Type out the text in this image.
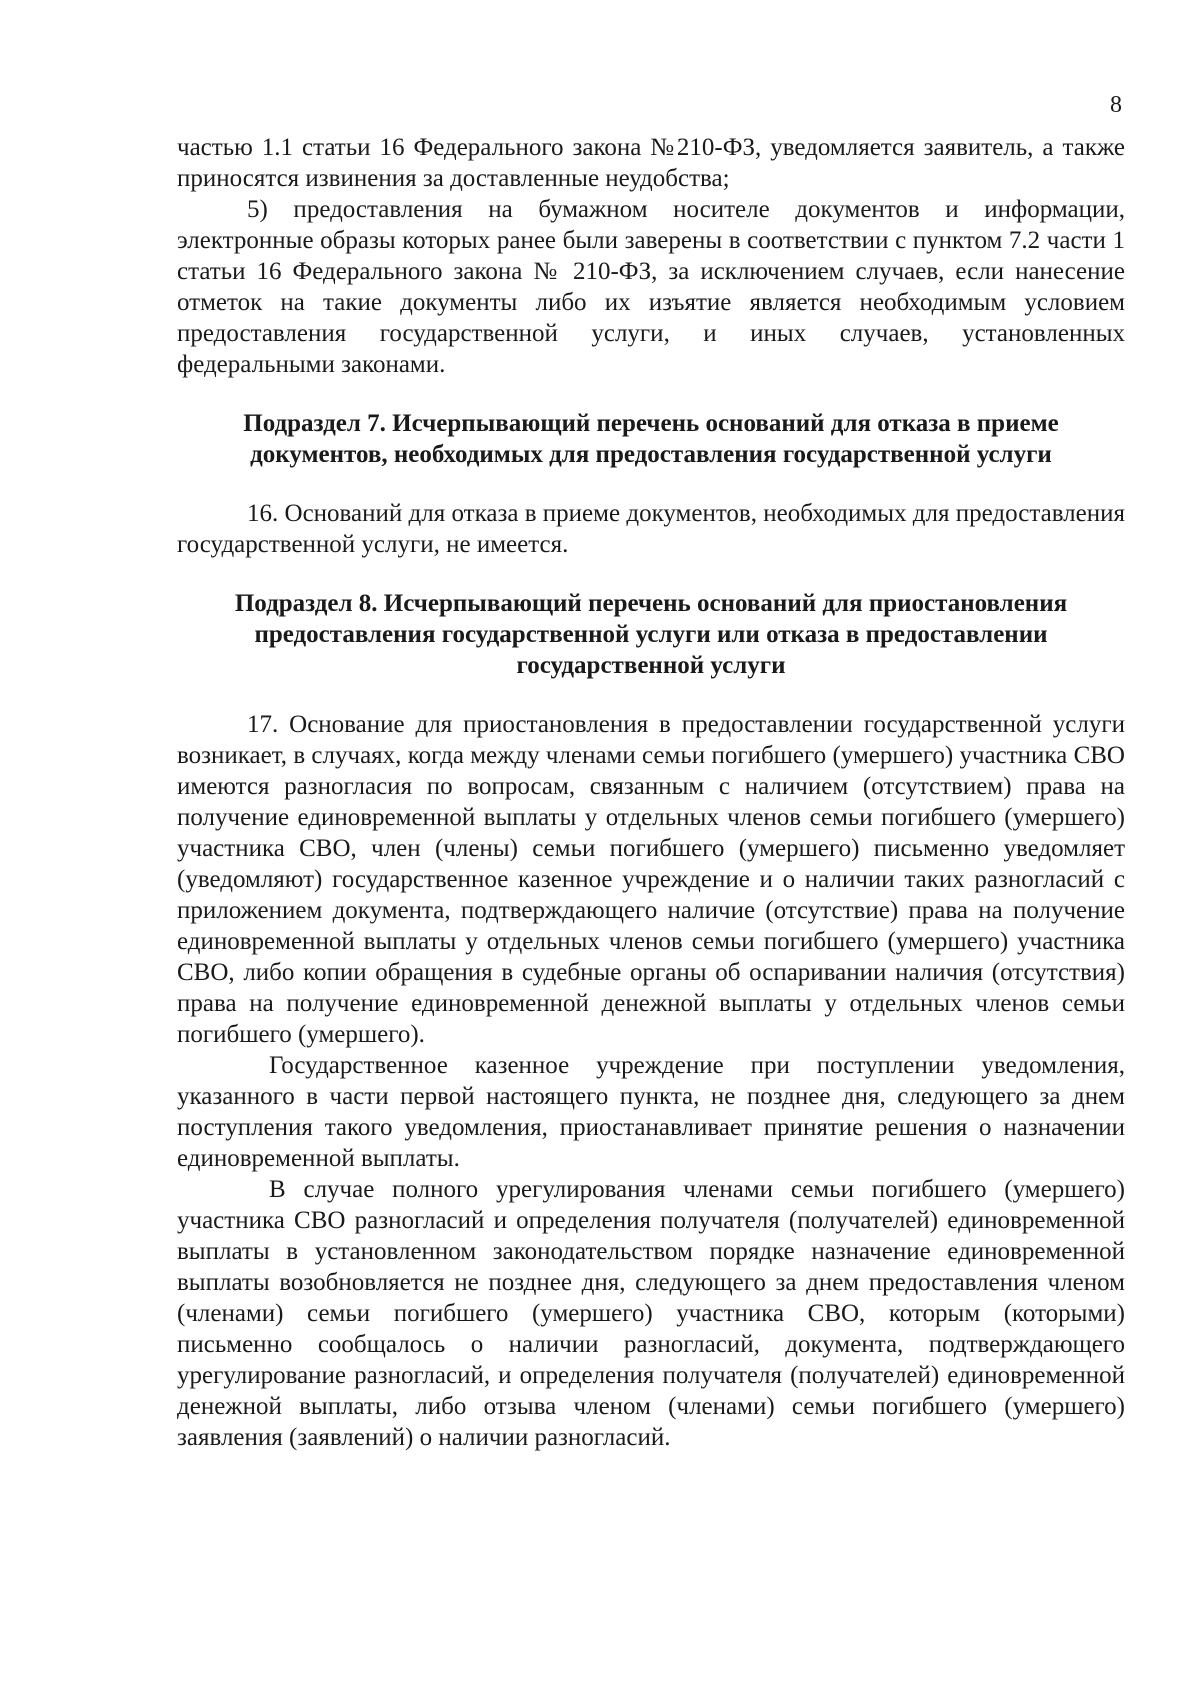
8

частью 1.1 статьи 16 Федерального закона №210-ФЗ, уведомляется заявитель, а также приносятся извинения за доставленные неудобства;

5) предоставления на бумажном носителе документов и информации, электронные образы которых ранее были заверены в соответствии с пунктом 7.2 части 1 статьи 16 Федерального закона № 210-ФЗ, за исключением случаев, если нанесение отметок на такие документы либо их изъятие является необходимым условием предоставления государственной услуги, и иных случаев, установленных федеральными законами.

Подраздел 7. Исчерпывающий перечень оснований для отказа в приеме документов, необходимых для предоставления государственной услуги

16. Оснований для отказа в приеме документов, необходимых для предоставления государственной услуги, не имеется.

Подраздел 8. Исчерпывающий перечень оснований для приостановления предоставления государственной услуги или отказа в предоставлении государственной услуги

17. Основание для приостановления в предоставлении государственной услуги возникает, в случаях, когда между членами семьи погибшего (умершего) участника СВО имеются разногласия по вопросам, связанным с наличием (отсутствием) права на получение единовременной выплаты у отдельных членов семьи погибшего (умершего) участника СВО, член (члены) семьи погибшего (умершего) письменно уведомляет (уведомляют) государственное казенное учреждение и о наличии таких разногласий с приложением документа, подтверждающего наличие (отсутствие) права на получение единовременной выплаты у отдельных членов семьи погибшего (умершего) участника СВО, либо копии обращения в судебные органы об оспаривании наличия (отсутствия) права на получение единовременной денежной выплаты у отдельных членов семьи погибшего (умершего).

Государственное казенное учреждение при поступлении уведомления, указанного в части первой настоящего пункта, не позднее дня, следующего за днем поступления такого уведомления, приостанавливает принятие решения о назначении единовременной выплаты.

В случае полного урегулирования членами семьи погибшего (умершего) участника СВО разногласий и определения получателя (получателей) единовременной выплаты в установленном законодательством порядке назначение единовременной выплаты возобновляется не позднее дня, следующего за днем предоставления членом (членами) семьи погибшего (умершего) участника СВО, которым (которыми) письменно сообщалось о наличии разногласий, документа, подтверждающего урегулирование разногласий, и определения получателя (получателей) единовременной денежной выплаты, либо отзыва членом (членами) семьи погибшего (умершего) заявления (заявлений) о наличии разногласий.
